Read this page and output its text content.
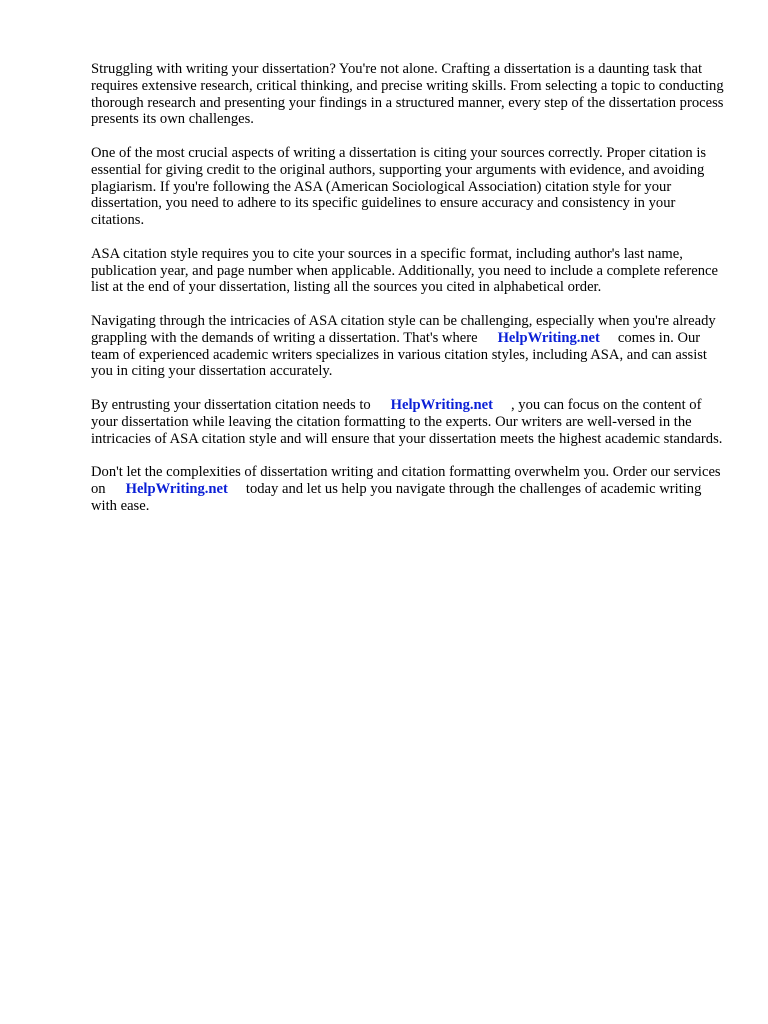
Struggling with writing your dissertation? You're not alone. Crafting a dissertation is a daunting task that requires extensive research, critical thinking, and precise writing skills. From selecting a topic to conducting thorough research and presenting your findings in a structured manner, every step of the dissertation process presents its own challenges.

One of the most crucial aspects of writing a dissertation is citing your sources correctly. Proper citation is essential for giving credit to the original authors, supporting your arguments with evidence, and avoiding plagiarism. If you're following the ASA (American Sociological Association) citation style for your dissertation, you need to adhere to its specific guidelines to ensure accuracy and consistency in your citations.

ASA citation style requires you to cite your sources in a specific format, including author's last name, publication year, and page number when applicable. Additionally, you need to include a complete reference list at the end of your dissertation, listing all the sources you cited in alphabetical order.

Navigating through the intricacies of ASA citation style can be challenging, especially when you're already grappling with the demands of writing a dissertation. That's where HelpWriting.net comes in. Our team of experienced academic writers specializes in various citation styles, including ASA, and can assist you in citing your dissertation accurately.

By entrusting your dissertation citation needs to HelpWriting.net , you can focus on the content of your dissertation while leaving the citation formatting to the experts. Our writers are well-versed in the intricacies of ASA citation style and will ensure that your dissertation meets the highest academic standards.

Don't let the complexities of dissertation writing and citation formatting overwhelm you. Order our services on HelpWriting.net today and let us help you navigate through the challenges of academic writing with ease.
